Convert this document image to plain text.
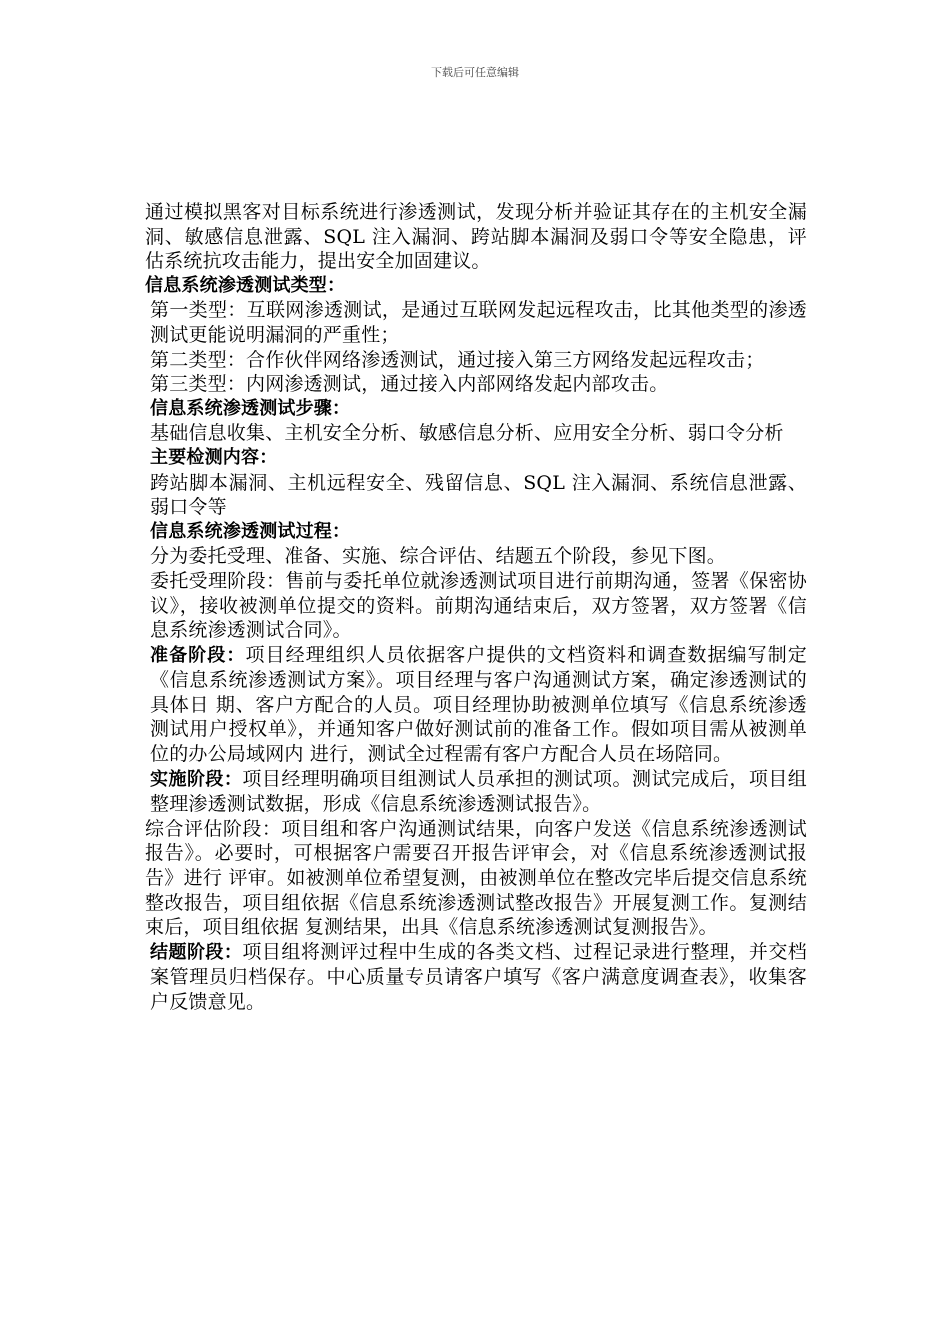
下载后可任意编辑

通过模拟黑客对目标系统进行渗透测试，发现分析并验证其存在的主机安全漏洞、敏感信息泄露、SQL 注入漏洞、跨站脚本漏洞及弱口令等安全隐患，评估系统抗攻击能力，提出安全加固建议。

信息系统渗透测试类型：

第一类型：互联网渗透测试，是通过互联网发起远程攻击，比其他类型的渗透测试更能说明漏洞的严重性；

第二类型：合作伙伴网络渗透测试，通过接入第三方网络发起远程攻击；

第三类型：内网渗透测试，通过接入内部网络发起内部攻击。

信息系统渗透测试步骤：

基础信息收集、主机安全分析、敏感信息分析、应用安全分析、弱口令分析

主要检测内容：

跨站脚本漏洞、主机远程安全、残留信息、SQL 注入漏洞、系统信息泄露、弱口令等

信息系统渗透测试过程：

分为委托受理、准备、实施、综合评估、结题五个阶段，参见下图。

委托受理阶段：售前与委托单位就渗透测试项目进行前期沟通，签署《保密协议》，接收被测单位提交的资料。前期沟通结束后，双方签署，双方签署《信息系统渗透测试合同》。

准备阶段：项目经理组织人员依据客户提供的文档资料和调查数据编写制定《信息系统渗透测试方案》。项目经理与客户沟通测试方案，确定渗透测试的具体日 期、客户方配合的人员。项目经理协助被测单位填写《信息系统渗透测试用户授权单》，并通知客户做好测试前的准备工作。假如项目需从被测单位的办公局域网内 进行，测试全过程需有客户方配合人员在场陪同。

实施阶段：项目经理明确项目组测试人员承担的测试项。测试完成后，项目组整理渗透测试数据，形成《信息系统渗透测试报告》。

综合评估阶段：项目组和客户沟通测试结果，向客户发送《信息系统渗透测试报告》。必要时，可根据客户需要召开报告评审会，对《信息系统渗透测试报告》进行 评审。如被测单位希望复测，由被测单位在整改完毕后提交信息系统整改报告，项目组依据《信息系统渗透测试整改报告》开展复测工作。复测结束后，项目组依据 复测结果，出具《信息系统渗透测试复测报告》。

结题阶段：项目组将测评过程中生成的各类文档、过程记录进行整理，并交档案管理员归档保存。中心质量专员请客户填写《客户满意度调查表》，收集客户反馈意见。
